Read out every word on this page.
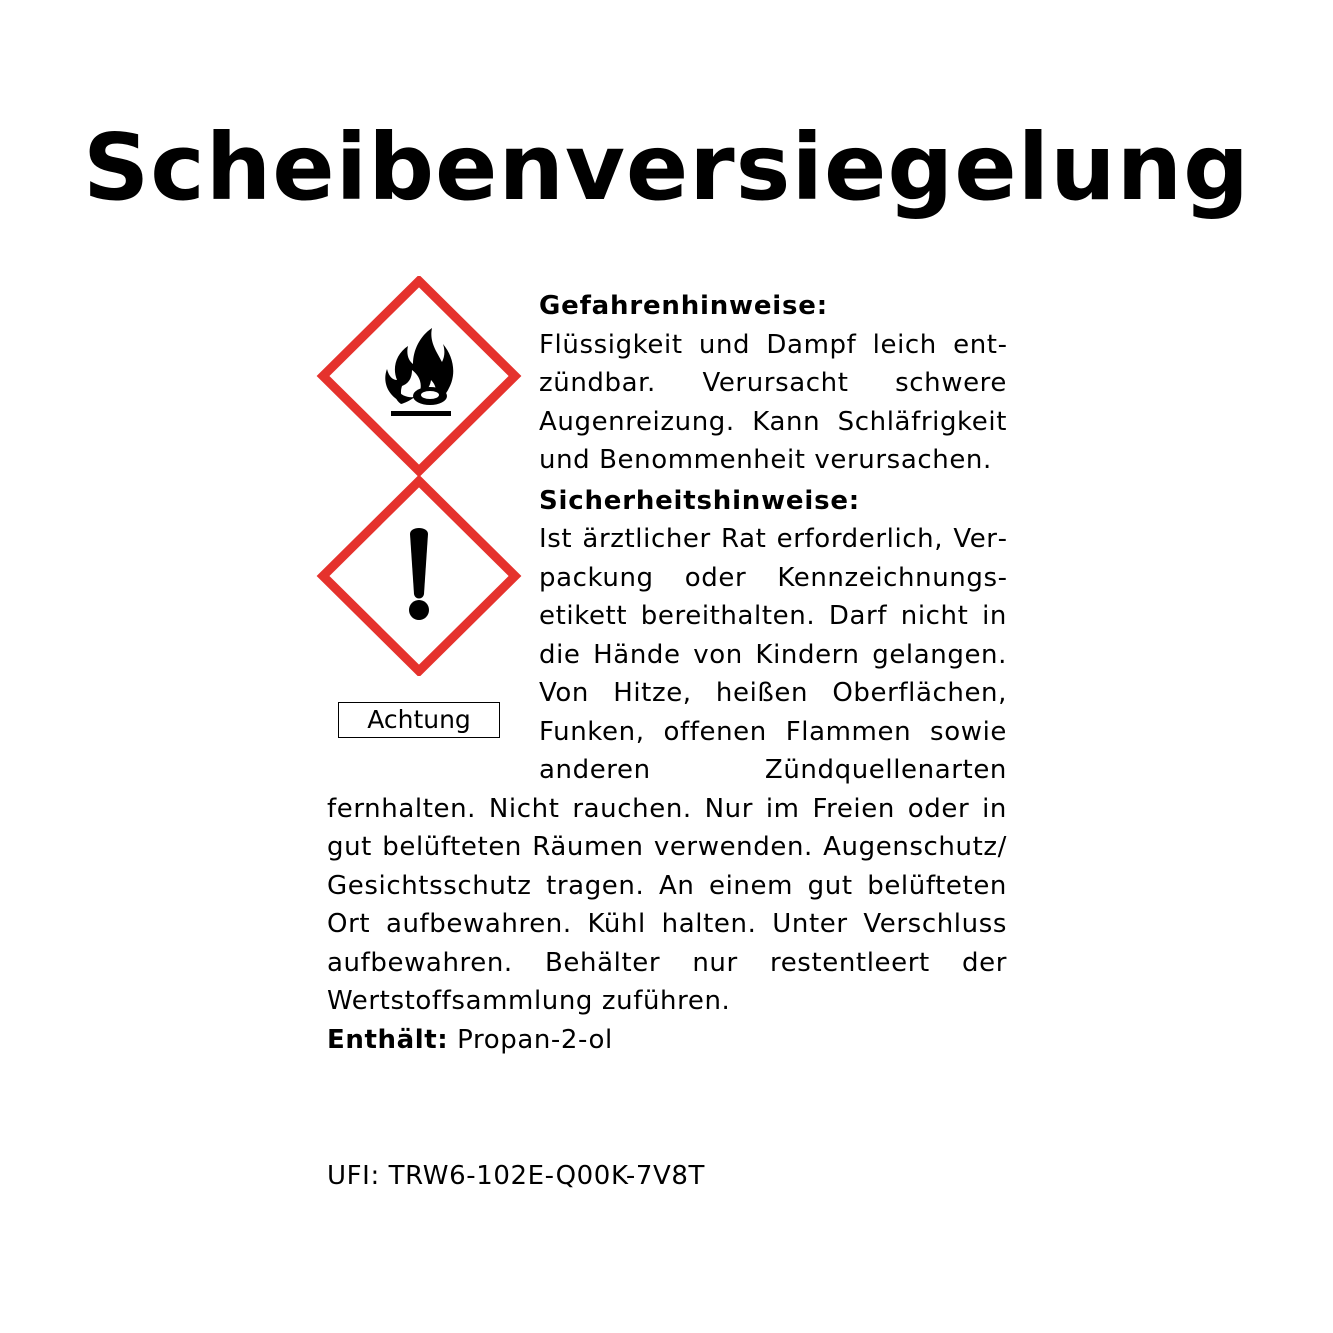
Scheibenversiegelung
Achtung
Gefahrenhinweise:
Flüssigkeit und Dampf leich entzündbar. Verursacht schwere Augenreizung. Kann Schläfrigkeit und Benommenheit verursachen.
Sicherheitshinweise:
Ist ärztlicher Rat erforderlich, Verpackung oder Kennzeichnungsetikett bereithalten. Darf nicht in die Hände von Kindern gelangen. Von Hitze, heißen Oberflächen, Funken, offenen Flammen sowie anderen Zündquellenarten fernhalten. Nicht rauchen. Nur im Freien oder in gut belüfteten Räumen verwenden. Augenschutz/ Gesichtsschutz tragen. An einem gut belüfteten Ort aufbewahren. Kühl halten. Unter Verschluss aufbewahren. Behälter nur restentleert der Wertstoffsammlung zuführen.
Enthält: Propan-2-ol
UFI: TRW6-102E-Q00K-7V8T
